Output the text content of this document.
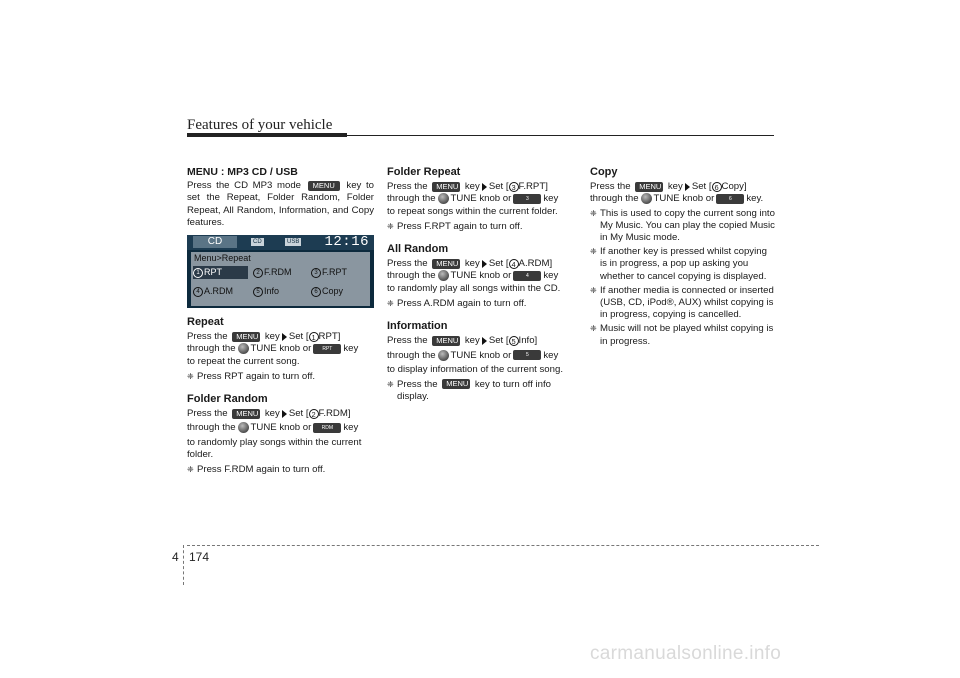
Features of your vehicle
MENU : MP3 CD / USB

Press the CD MP3 mode MENU key to set the Repeat, Folder Random, Folder Repeat, All Random, Information, and Copy features.

CD	CD	USB 12:16
Menu>Repeat
1 RPT	2 F.RDM	3 F.RPT
4 A.RDM	5 Info	6 Copy
Repeat

Press the MENU key Set [ 1 RPT]

through the TUNE knob or RPT key

to repeat the current song.

❈ Press RPT again to turn off.

Folder Random

Press the MENU key Set [ 2 F.RDM]

through the TUNE knob or RDM key

to randomly play songs within the current folder.

❈ Press F.RDM again to turn off.

Folder Repeat

Press the MENU key Set [ 3 F.RPT]

through the TUNE knob or	3 key

to repeat songs within the current folder.

❈ Press F.RPT again to turn off.

All Random

Press the MENU key Set [ 4 A.RDM]

through the TUNE knob or	4 key

to randomly play all songs within the CD.

❈ Press A.RDM again to turn off.

Information

Press the MENU key Set [ 5 Info]

through the TUNE knob or	5 key

to display information of the current song.

❈ Press the MENU key to turn off info display.

Copy

Press the MENU key Set [ 6 Copy]

through the TUNE knob or	6 key.

❈ This is used to copy the current song into My Music. You can play the copied Music in My Music mode.

❈ If another key is pressed whilst copying is in progress, a pop up asking you whether to cancel copying is displayed.

❈ If another media is connected or inserted (USB, CD, iPod®, AUX) whilst copying is in progress, copying is cancelled.

❈ Music will not be played whilst copying is in progress.

4 174
carmanualsonline.info
